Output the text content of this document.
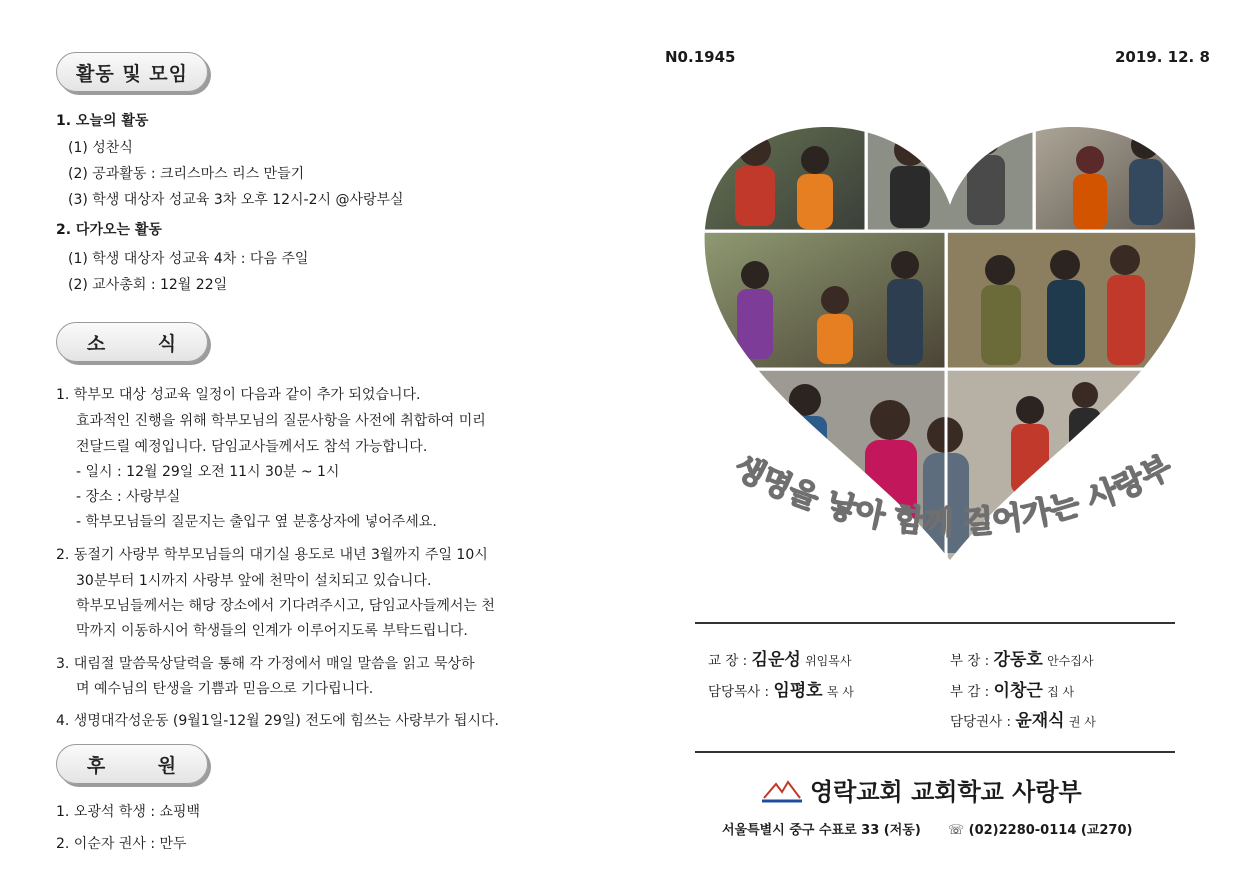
활동 및 모임
1. 오늘의 활동
(1) 성찬식
(2) 공과활동 : 크리스마스 리스 만들기
(3) 학생 대상자 성교육 3차 오후 12시-2시 @사랑부실
2. 다가오는 활동
(1) 학생 대상자 성교육 4차 : 다음 주일
(2) 교사총회 : 12월 22일
소 식
1. 학부모 대상 성교육 일정이 다음과 같이 추가 되었습니다.
효과적인 진행을 위해 학부모님의 질문사항을 사전에 취합하여 미리
전달드릴 예정입니다. 담임교사들께서도 참석 가능합니다.
- 일시 : 12월 29일 오전 11시 30분 ~ 1시
- 장소 : 사랑부실
- 학부모님들의 질문지는 출입구 옆 분홍상자에 넣어주세요.
2. 동절기 사랑부 학부모님들의 대기실 용도로 내년 3월까지 주일 10시
30분부터 1시까지 사랑부 앞에 천막이 설치되고 있습니다.
학부모님들께서는 해당 장소에서 기다려주시고, 담임교사들께서는 천
막까지 이동하시어 학생들의 인계가 이루어지도록 부탁드립니다.
3. 대림절 말씀묵상달력을 통해 각 가정에서 매일 말씀을 읽고 묵상하
며 예수님의 탄생을 기쁨과 믿음으로 기다립니다.
4. 생명대각성운동 (9월1일-12월 29일) 전도에 힘쓰는 사랑부가 됩시다.
후 원
1. 오광석 학생 : 쇼핑백
2. 이순자 권사 : 만두
N0.1945	2019. 12. 8
생명을 낳아 함께 걸어가는 사랑부
교 장 : 김운성 위임목사	부 장 : 강동호 안수집사
담당목사 : 임평호 목 사	부 감 : 이창근 집 사
담당권사 : 윤재식 권 사
영락교회 교회학교 사랑부
서울특별시 중구 수표로 33 (저동) ☏ (02)2280-0114 (교270)
